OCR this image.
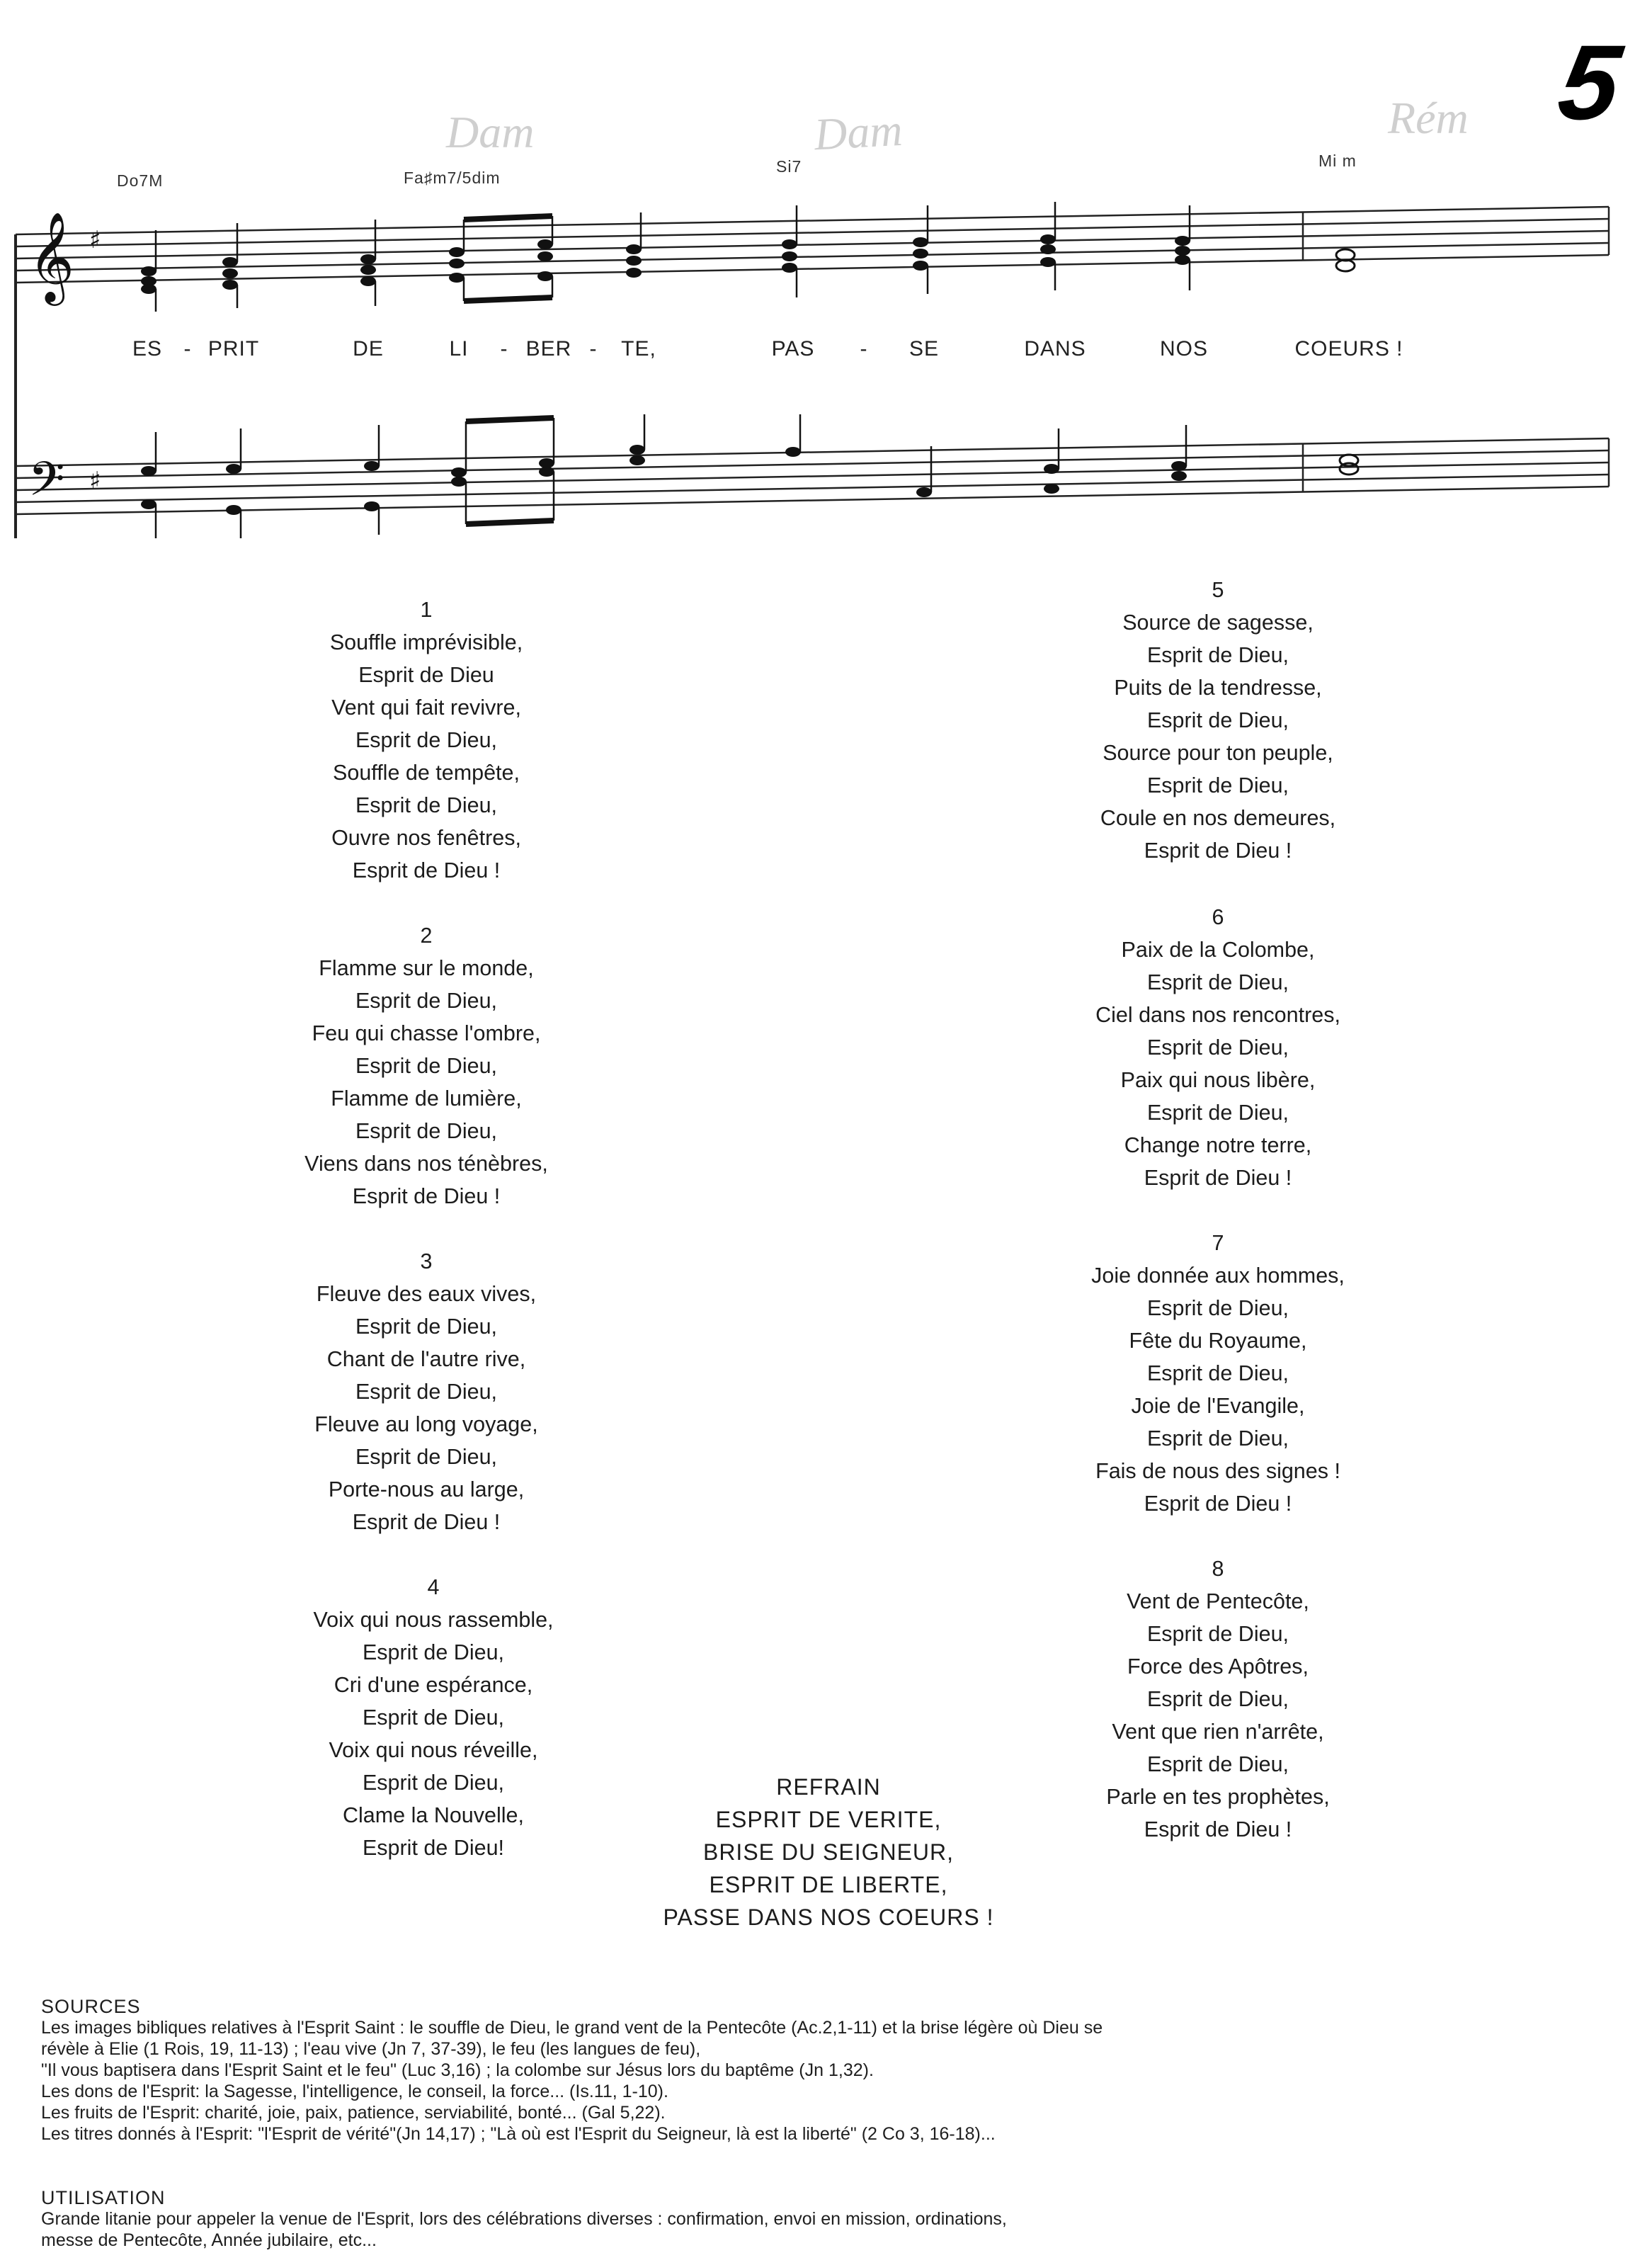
5
Dam	Dam	Rém
Do7M	Fa♯m7/5dim
Si7	Mi m
𝄞
𝄢
♯
♯
ES - PRIT	DE	LI - BER - TE,	PAS - SE	DANS	NOS	COEURS !
1
Souffle imprévisible,
Esprit de Dieu
Vent qui fait revivre,
Esprit de Dieu,
Souffle de tempête,
Esprit de Dieu,
Ouvre nos fenêtres,
Esprit de Dieu !
2
Flamme sur le monde,
Esprit de Dieu,
Feu qui chasse l'ombre,
Esprit de Dieu,
Flamme de lumière,
Esprit de Dieu,
Viens dans nos ténèbres,
Esprit de Dieu !
3
Fleuve des eaux vives,
Esprit de Dieu,
Chant de l'autre rive,
Esprit de Dieu,
Fleuve au long voyage,
Esprit de Dieu,
Porte-nous au large,
Esprit de Dieu !
4
Voix qui nous rassemble,
Esprit de Dieu,
Cri d'une espérance,
Esprit de Dieu,
Voix qui nous réveille,
Esprit de Dieu,
Clame la Nouvelle,
Esprit de Dieu!
5
Source de sagesse,
Esprit de Dieu,
Puits de la tendresse,
Esprit de Dieu,
Source pour ton peuple,
Esprit de Dieu,
Coule en nos demeures,
Esprit de Dieu !
6
Paix de la Colombe,
Esprit de Dieu,
Ciel dans nos rencontres,
Esprit de Dieu,
Paix qui nous libère,
Esprit de Dieu,
Change notre terre,
Esprit de Dieu !
7
Joie donnée aux hommes,
Esprit de Dieu,
Fête du Royaume,
Esprit de Dieu,
Joie de l'Evangile,
Esprit de Dieu,
Fais de nous des signes !
Esprit de Dieu !
8
Vent de Pentecôte,
Esprit de Dieu,
Force des Apôtres,
Esprit de Dieu,
Vent que rien n'arrête,
Esprit de Dieu,
Parle en tes prophètes,
Esprit de Dieu !
REFRAIN
ESPRIT DE VERITE,
BRISE DU SEIGNEUR,
ESPRIT DE LIBERTE,
PASSE DANS NOS COEURS !
SOURCES
Les images bibliques relatives à l'Esprit Saint : le souffle de Dieu, le grand vent de la Pentecôte (Ac.2,1-11) et la brise légère où Dieu se
révèle à Elie (1 Rois, 19, 11-13) ; l'eau vive (Jn 7, 37-39), le feu (les langues de feu),
"Il vous baptisera dans l'Esprit Saint et le feu" (Luc 3,16) ; la colombe sur Jésus lors du baptême (Jn 1,32).
Les dons de l'Esprit: la Sagesse, l'intelligence, le conseil, la force... (Is.11, 1-10).
Les fruits de l'Esprit: charité, joie, paix, patience, serviabilité, bonté... (Gal 5,22).
Les titres donnés à l'Esprit: "l'Esprit de vérité"(Jn 14,17) ; "Là où est l'Esprit du Seigneur, là est la liberté" (2 Co 3, 16-18)...
UTILISATION
Grande litanie pour appeler la venue de l'Esprit, lors des célébrations diverses : confirmation, envoi en mission, ordinations,
messe de Pentecôte, Année jubilaire, etc...
